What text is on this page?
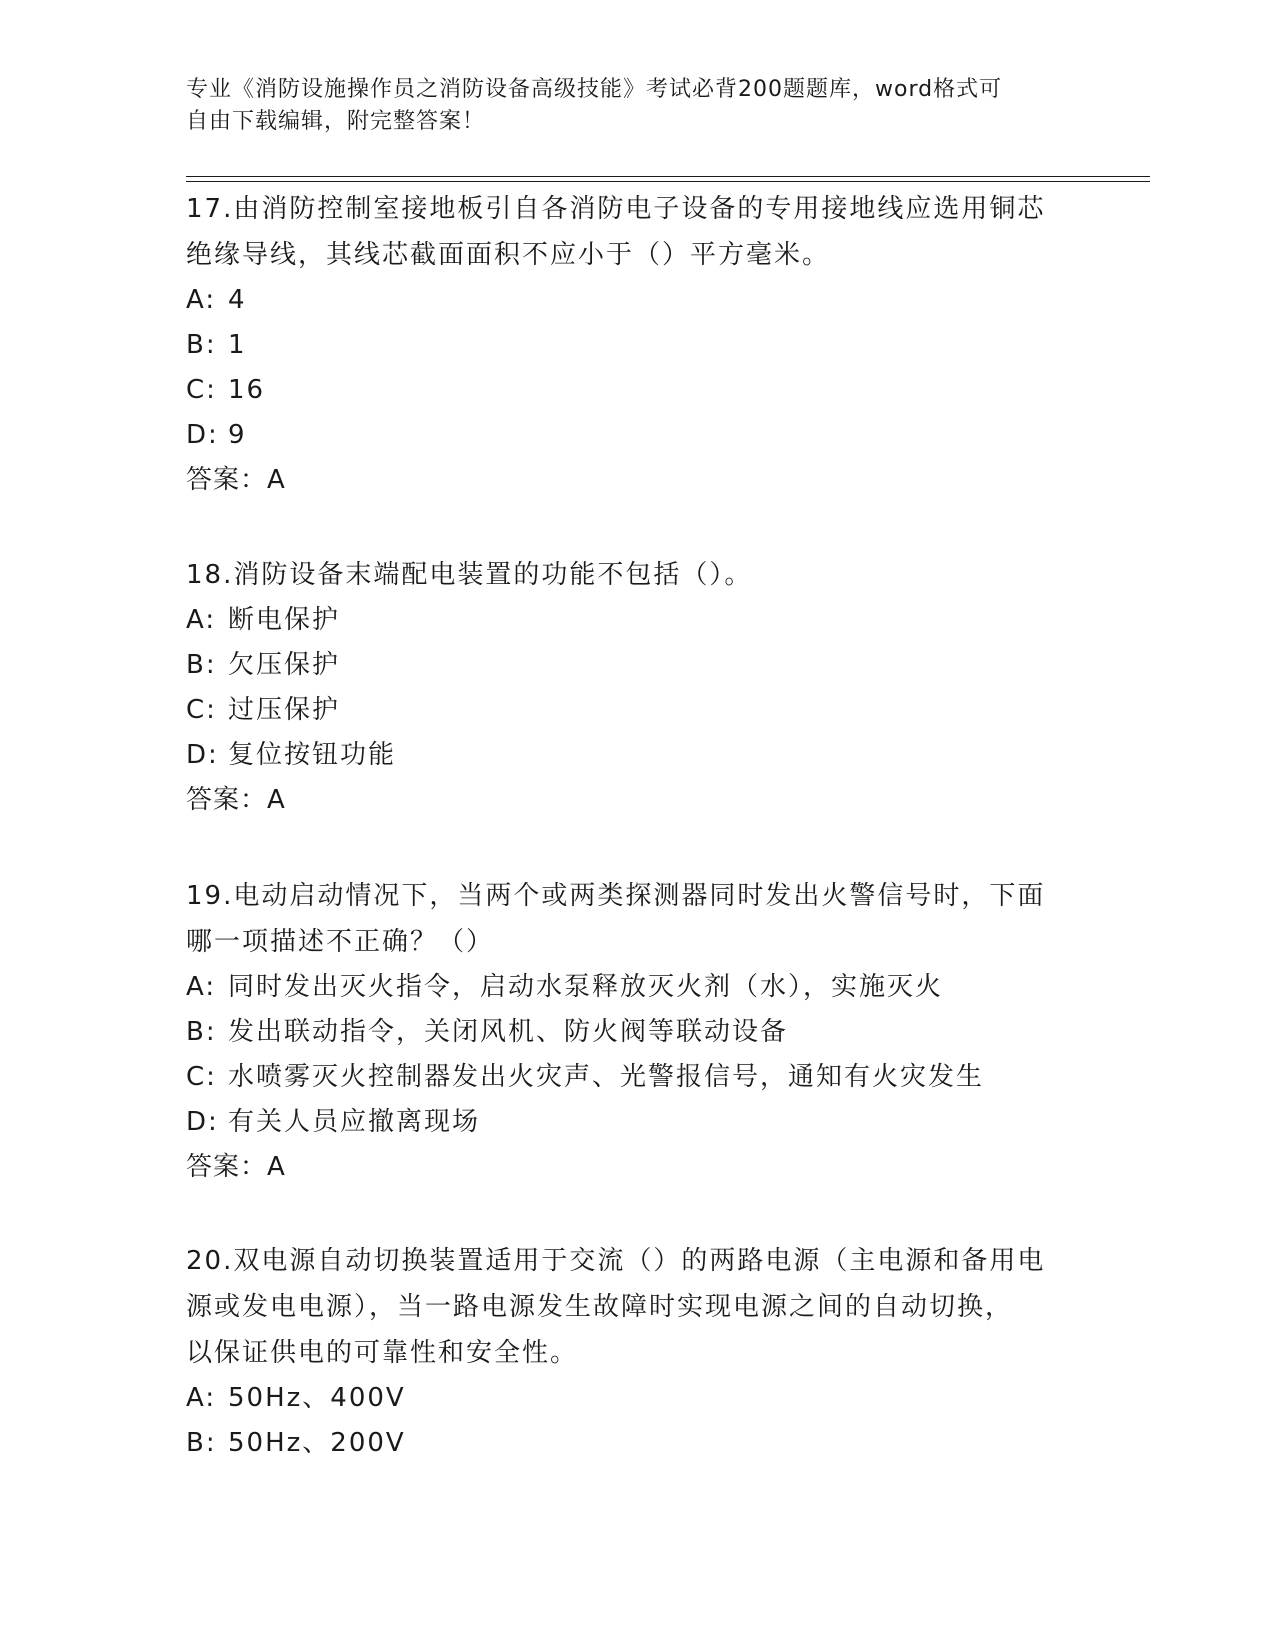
专业《消防设施操作员之消防设备高级技能》考试必背200题题库，word格式可
自由下载编辑，附完整答案！
17.由消防控制室接地板引自各消防电子设备的专用接地线应选用铜芯
绝缘导线，其线芯截面面积不应小于（）平方毫米。
A: 4
B: 1
C: 16
D: 9
答案：A
18.消防设备末端配电装置的功能不包括（）。
A: 断电保护
B: 欠压保护
C: 过压保护
D: 复位按钮功能
答案：A
19.电动启动情况下，当两个或两类探测器同时发出火警信号时，下面
哪一项描述不正确？（）
A: 同时发出灭火指令，启动水泵释放灭火剂（水），实施灭火
B: 发出联动指令，关闭风机、防火阀等联动设备
C: 水喷雾灭火控制器发出火灾声、光警报信号，通知有火灾发生
D: 有关人员应撤离现场
答案：A
20.双电源自动切换装置适用于交流（）的两路电源（主电源和备用电
源或发电电源），当一路电源发生故障时实现电源之间的自动切换，
以保证供电的可靠性和安全性。
A: 50Hz、400V
B: 50Hz、200V
